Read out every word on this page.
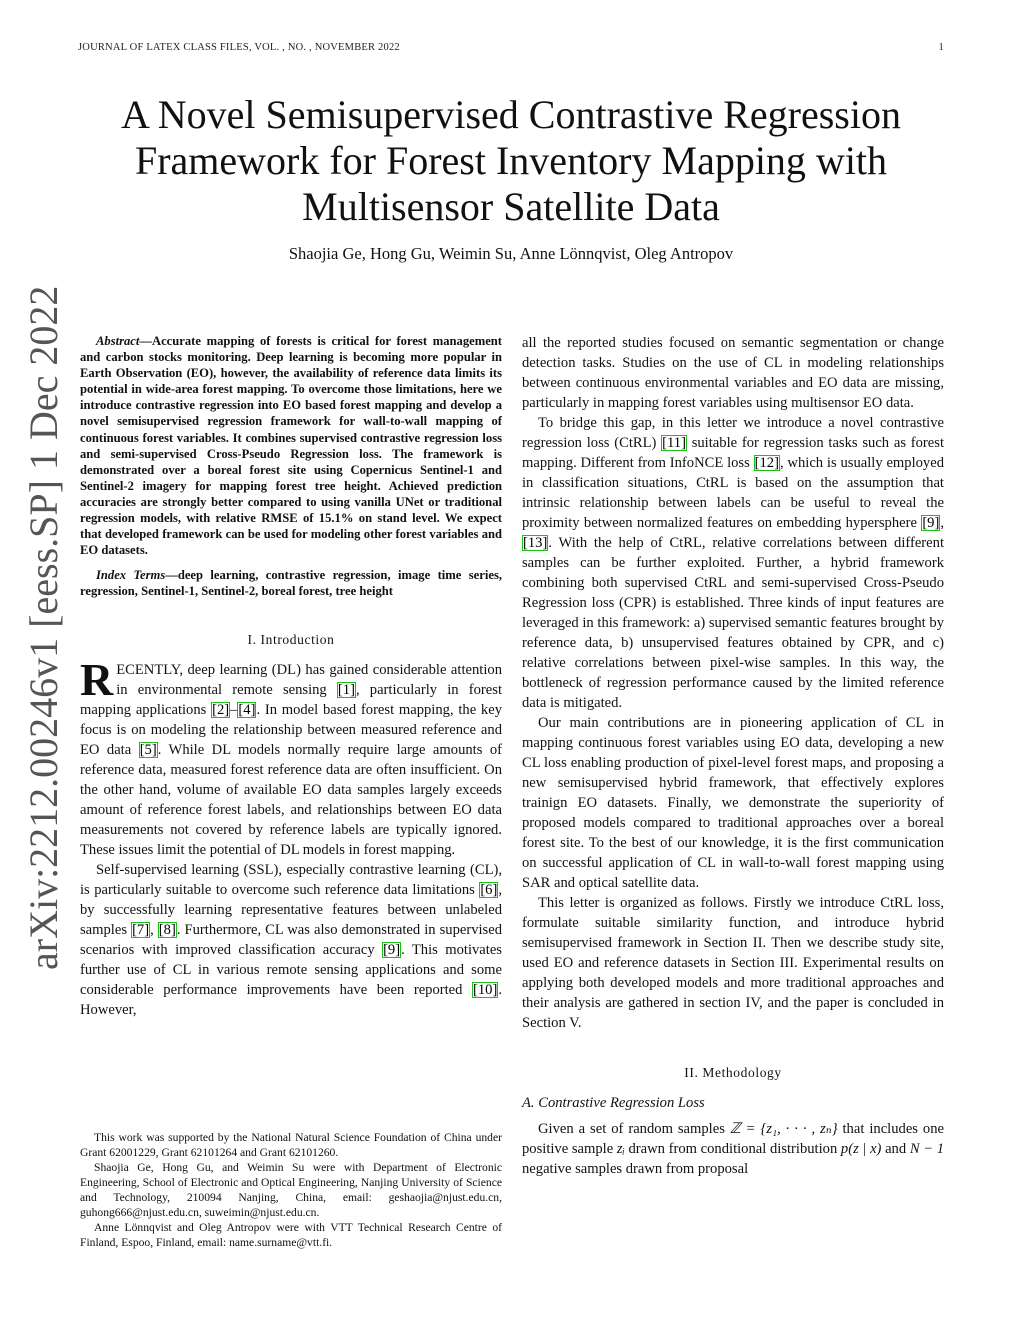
JOURNAL OF LATEX CLASS FILES, VOL. , NO. , NOVEMBER 2022	1
arXiv:2212.00246v1 [eess.SP] 1 Dec 2022
A Novel Semisupervised Contrastive Regression Framework for Forest Inventory Mapping with Multisensor Satellite Data
Shaojia Ge, Hong Gu, Weimin Su, Anne Lönnqvist, Oleg Antropov

Abstract—Accurate mapping of forests is critical for forest management and carbon stocks monitoring. Deep learning is becoming more popular in Earth Observation (EO), however, the availability of reference data limits its potential in wide-area forest mapping. To overcome those limitations, here we introduce contrastive regression into EO based forest mapping and develop a novel semisupervised regression framework for wall-to-wall mapping of continuous forest variables. It combines supervised contrastive regression loss and semi-supervised Cross-Pseudo Regression loss. The framework is demonstrated over a boreal forest site using Copernicus Sentinel-1 and Sentinel-2 imagery for mapping forest tree height. Achieved prediction accuracies are strongly better compared to using vanilla UNet or traditional regression models, with relative RMSE of 15.1% on stand level. We expect that developed framework can be used for modeling other forest variables and EO datasets.

Index Terms—deep learning, contrastive regression, image time series, regression, Sentinel-1, Sentinel-2, boreal forest, tree height

I. Introduction

RECENTLY, deep learning (DL) has gained considerable attention in environmental remote sensing [1], particularly in forest mapping applications [2]–[4]. In model based forest mapping, the key focus is on modeling the relationship between measured reference and EO data [5]. While DL models normally require large amounts of reference data, measured forest reference data are often insufficient. On the other hand, volume of available EO data samples largely exceeds amount of reference forest labels, and relationships between EO data measurements not covered by reference labels are typically ignored. These issues limit the potential of DL models in forest mapping.

Self-supervised learning (SSL), especially contrastive learning (CL), is particularly suitable to overcome such reference data limitations [6], by successfully learning representative features between unlabeled samples [7], [8]. Furthermore, CL was also demonstrated in supervised scenarios with improved classification accuracy [9]. This motivates further use of CL in various remote sensing applications and some considerable performance improvements have been reported [10]. However,

This work was supported by the National Natural Science Foundation of China under Grant 62001229, Grant 62101264 and Grant 62101260.

Shaojia Ge, Hong Gu, and Weimin Su were with Department of Electronic Engineering, School of Electronic and Optical Engineering, Nanjing University of Science and Technology, 210094 Nanjing, China, email: geshaojia@njust.edu.cn, guhong666@njust.edu.cn, suweimin@njust.edu.cn.

Anne Lönnqvist and Oleg Antropov were with VTT Technical Research Centre of Finland, Espoo, Finland, email: name.surname@vtt.fi.

all the reported studies focused on semantic segmentation or change detection tasks. Studies on the use of CL in modeling relationships between continuous environmental variables and EO data are missing, particularly in mapping forest variables using multisensor EO data.

To bridge this gap, in this letter we introduce a novel contrastive regression loss (CtRL) [11] suitable for regression tasks such as forest mapping. Different from InfoNCE loss [12], which is usually employed in classification situations, CtRL is based on the assumption that intrinsic relationship between labels can be useful to reveal the proximity between normalized features on embedding hypersphere [9], [13]. With the help of CtRL, relative correlations between different samples can be further exploited. Further, a hybrid framework combining both supervised CtRL and semi-supervised Cross-Pseudo Regression loss (CPR) is established. Three kinds of input features are leveraged in this framework: a) supervised semantic features brought by reference data, b) unsupervised features obtained by CPR, and c) relative correlations between pixel-wise samples. In this way, the bottleneck of regression performance caused by the limited reference data is mitigated.

Our main contributions are in pioneering application of CL in mapping continuous forest variables using EO data, developing a new CL loss enabling production of pixel-level forest maps, and proposing a new semisupervised hybrid framework, that effectively explores trainign EO datasets. Finally, we demonstrate the superiority of proposed models compared to traditional approaches over a boreal forest site. To the best of our knowledge, it is the first communication on successful application of CL in wall-to-wall forest mapping using SAR and optical satellite data.

This letter is organized as follows. Firstly we introduce CtRL loss, formulate suitable similarity function, and introduce hybrid semisupervised framework in Section II. Then we describe study site, used EO and reference datasets in Section III. Experimental results on applying both developed models and more traditional approaches and their analysis are gathered in section IV, and the paper is concluded in Section V.

II. Methodology
A. Contrastive Regression Loss

Given a set of random samples ℤ = {z₁, · · · , zₙ} that includes one positive sample zᵢ drawn from conditional distribution p(z | x) and N − 1 negative samples drawn from proposal
